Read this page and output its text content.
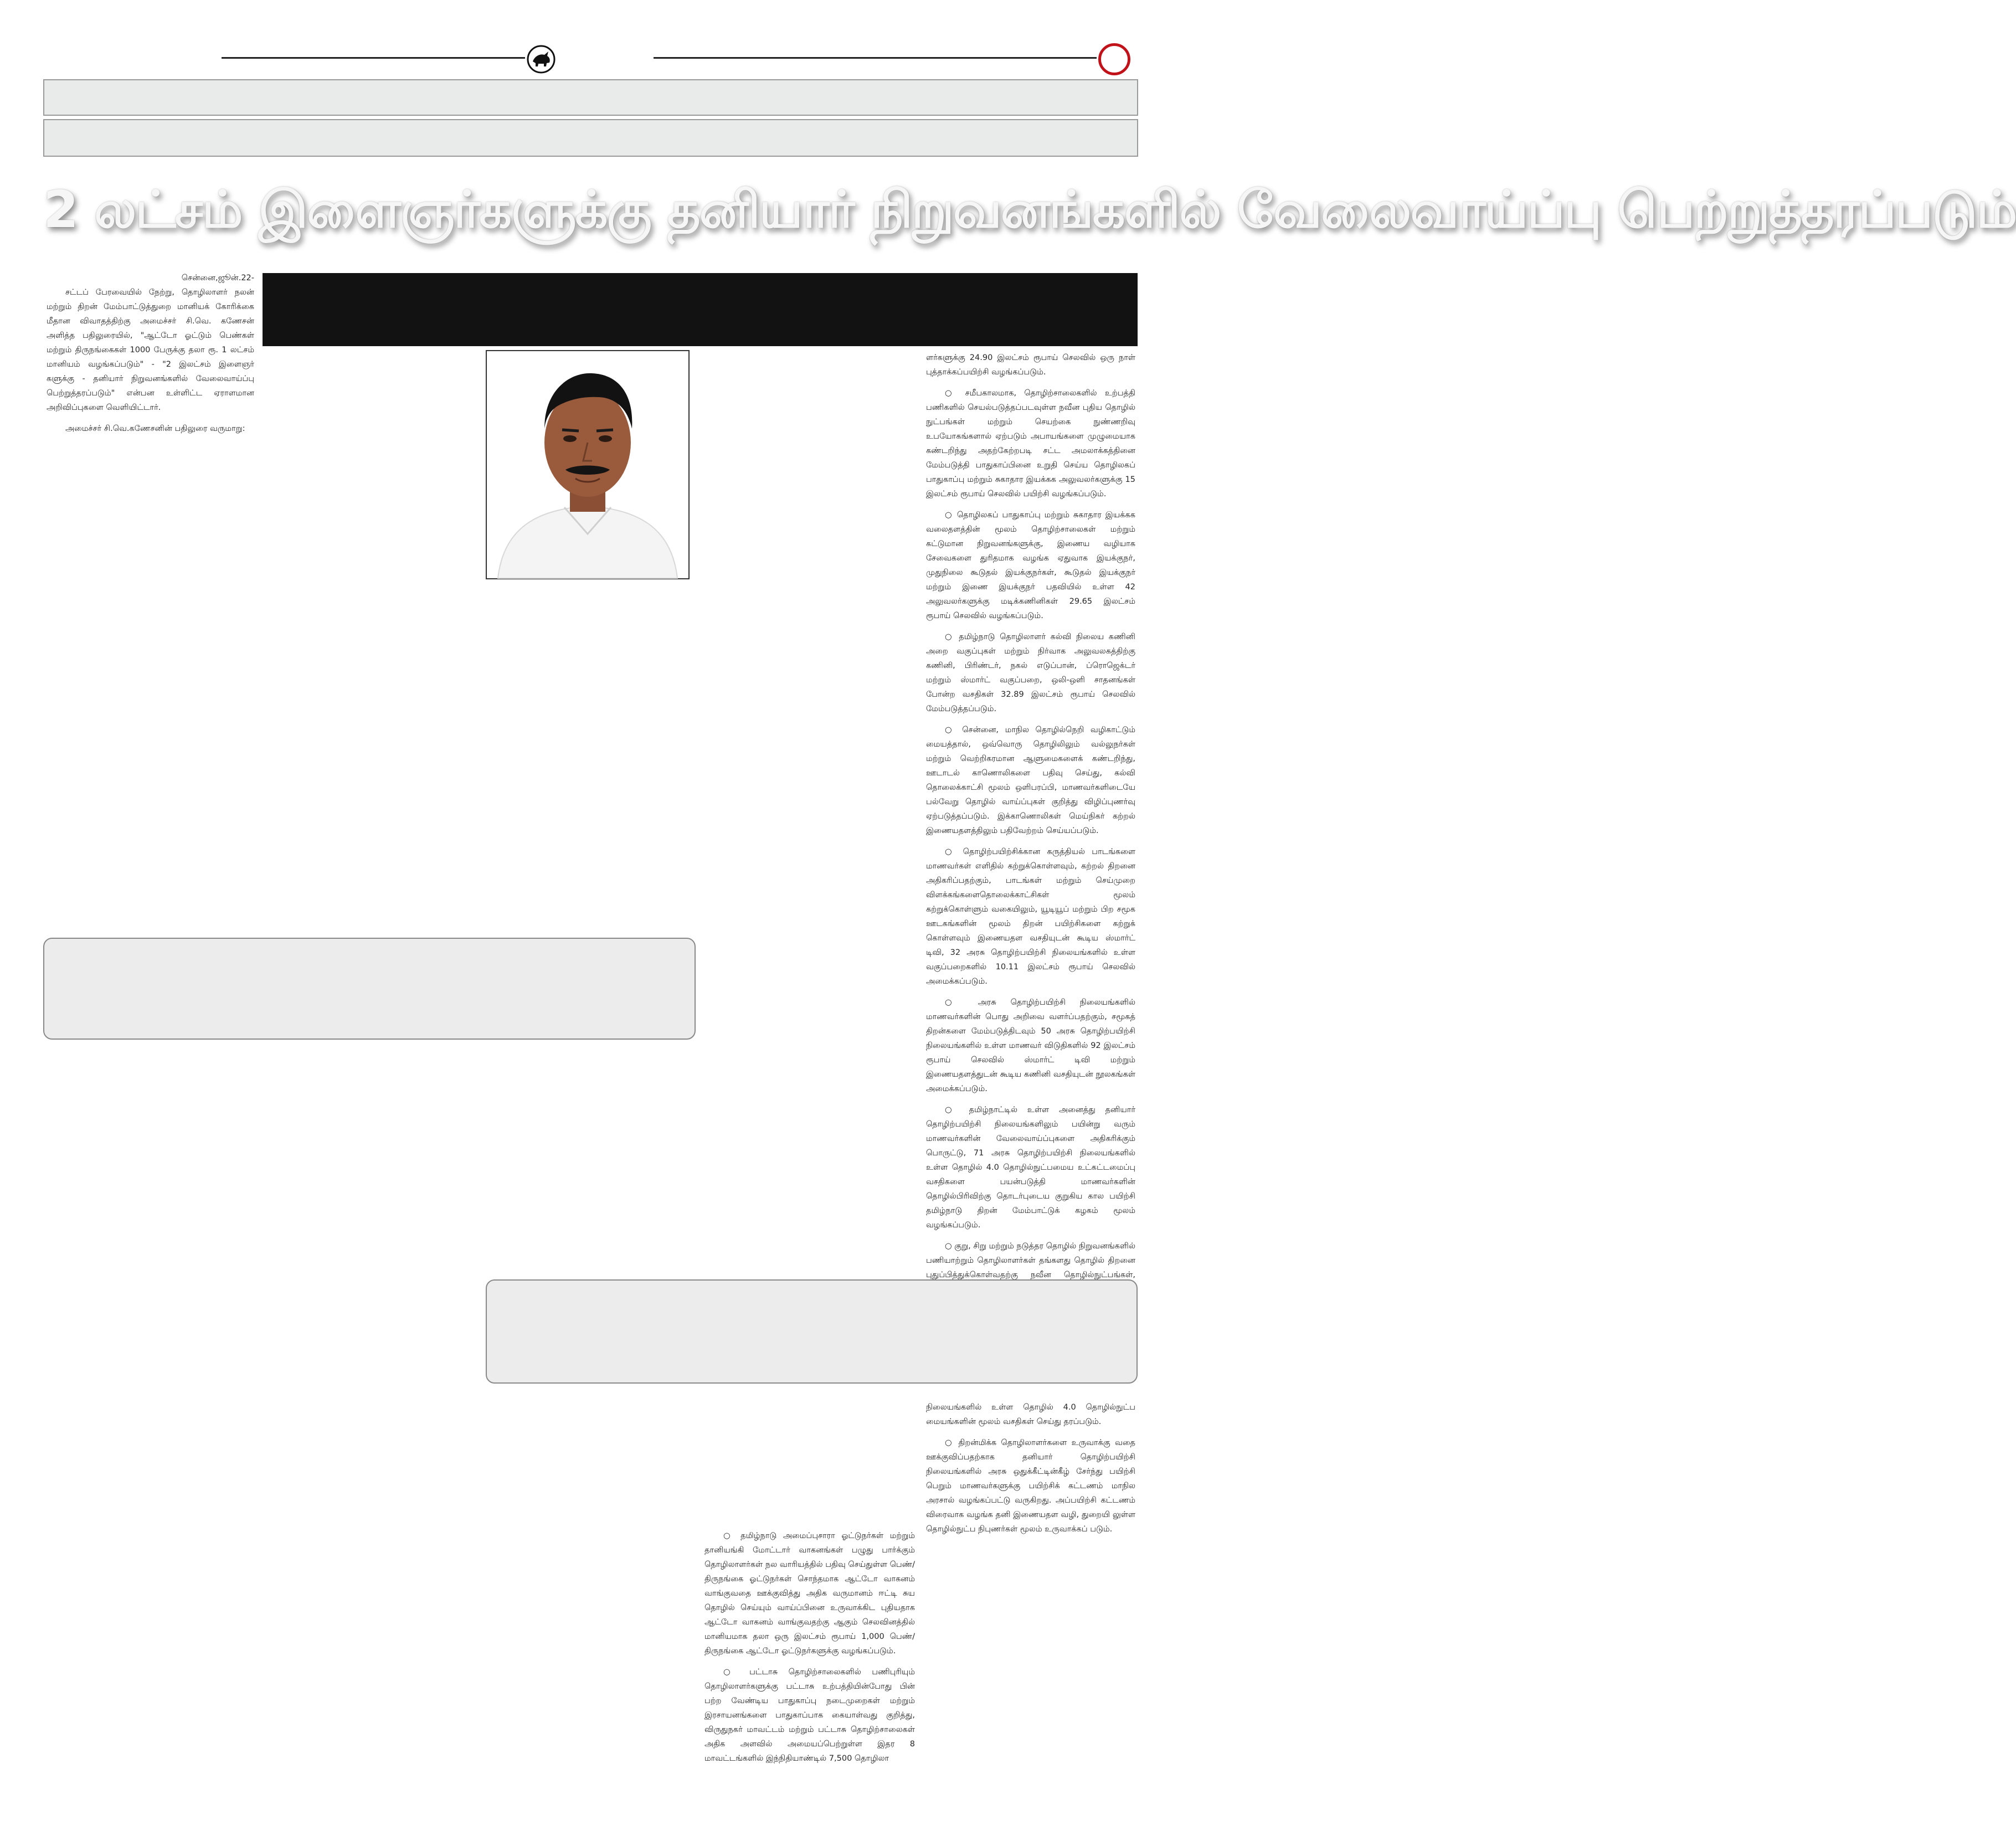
2 லட்சம் இளைஞர்களுக்கு தனியார் நிறுவனங்களில் வேலைவாய்ப்பு பெற்றுத்தரப்படும்

சென்னை,ஜூன்.22-

சட்டப் பேரவையில் நேற்று, தொழிலாளர் நலன் மற்றும் திறன் மேம்பாட்டுத்துறை மானியக் கோரிக்கை மீதான விவாதத்திற்கு அமைச்சர் சி.வெ. கணேசன் அளித்த பதிலுரையில், "ஆட்டோ ஓட்டும் பெண்கள் மற்றும் திருநங்கைகள் 1000 பேருக்கு தலா ரூ. 1 லட்சம் மானியம் வழங்கப்படும்" - "2 இலட்சம் இளைஞர் களுக்கு - தனியார் நிறுவனங்களில் வேலைவாய்ப்பு பெற்றுத்தரப்படும்" என்பன உள்ளிட்ட ஏராளமான அறிவிப்புகளை வெளியிட்டார்.

அமைச்சர் சி.வெ.கணேசனின் பதிலுரை வருமாறு:

ளர்களுக்கு 24.90 இலட்சம் ரூபாய் செலவில் ஒரு நாள் புத்தாக்கப்பயிற்சி வழங்கப்படும்.

○ சமீபகாலமாக, தொழிற்சாலைகளில் உற்பத்தி பணிகளில் செயல்படுத்தப்படவுள்ள நவீன புதிய தொழில் நுட்பங்கள் மற்றும் செயற்கை நுண்ணறிவு உபயோகங்களால் ஏற்படும் அபாயங்களை முழுமையாக கண்டறிந்து அதற்கேற்றபடி சட்ட அமலாக்கத்தினை மேம்படுத்தி பாதுகாப்பினை உறுதி செய்ய தொழிலகப் பாதுகாப்பு மற்றும் சுகாதார இயக்கக அலுவலர்களுக்கு 15 இலட்சம் ரூபாய் செலவில் பயிற்சி வழங்கப்படும்.

○ தொழிலகப் பாதுகாப்பு மற்றும் சுகாதார இயக்கக வலைதளத்தின் மூலம் தொழிற்சாலைகள் மற்றும் கட்டுமான நிறுவனங்களுக்கு, இணைய வழியாக சேவைகளை துரிதமாக வழங்க ஏதுவாக இயக்குநர், முதுநிலை கூடுதல் இயக்குநர்கள், கூடுதல் இயக்குநர் மற்றும் இணை இயக்குநர் பதவியில் உள்ள 42 அலுவலர்களுக்கு மடிக்கணினிகள் 29.65 இலட்சம் ரூபாய் செலவில் வழங்கப்படும்.

○ தமிழ்நாடு தொழிலாளர் கல்வி நிலைய கணினி அறை வகுப்புகள் மற்றும் நிர்வாக அலுவலகத்திற்கு கணினி, பிரிண்டர், நகல் எடுப்பான், ப்ரொஜெக்டர் மற்றும் ஸ்மார்ட் வகுப்பறை, ஒலி-ஒளி சாதனங்கள் போன்ற வசதிகள் 32.89 இலட்சம் ரூபாய் செலவில் மேம்படுத்தப்படும்.

○ சென்னை, மாநில தொழில்நெறி வழிகாட்டும் மையத்தால், ஒவ்வொரு தொழிலிலும் வல்லுநர்கள் மற்றும் வெற்றிகரமான ஆளுமைகளைக் கண்டறிந்து, ஊடாடல் காணொலிகளை பதிவு செய்து, கல்வி தொலைக்காட்சி மூலம் ஒளிபரப்பி, மாணவர்களிடையே பல்வேறு தொழில் வாய்ப்புகள் குறித்து விழிப்புணர்வு ஏற்படுத்தப்படும். இக்காணொலிகள் மெய்நிகர் கற்றல் இணையதளத்திலும் பதிவேற்றம் செய்யப்படும்.

○ தொழிற்பயிற்சிக்கான கருத்தியல் பாடங்களை மாணவர்கள் எளிதில் கற்றுக்கொள்ளவும், கற்றல் திறனை அதிகரிப்பதற்கும், பாடங்கள் மற்றும் செய்முறை விளக்கங்களைதொலைக்காட்சிகள் மூலம் கற்றுக்கொள்ளும் வகையிலும், யூடியூப் மற்றும் பிற சமூக ஊடகங்களின் மூலம் திறன் பயிற்சிகளை கற்றுக் கொள்ளவும் இணையதள வசதியுடன் கூடிய ஸ்மார்ட் டிவி, 32 அரசு தொழிற்பயிற்சி நிலையங்களில் உள்ள வகுப்பறைகளில் 10.11 இலட்சம் ரூபாய் செலவில் அமைக்கப்படும்.

○ அரசு தொழிற்பயிற்சி நிலையங்களில் மாணவர்களின் பொது அறிவை வளர்ப்பதற்கும், சமூகத் திறன்களை மேம்படுத்திடவும் 50 அரசு தொழிற்பயிற்சி நிலையங்களில் உள்ள மாணவர் விடுதிகளில் 92 இலட்சம் ரூபாய் செலவில் ஸ்மார்ட் டிவி மற்றும் இணையதளத்துடன் கூடிய கணினி வசதியுடன் நூலகங்கள் அமைக்கப்படும்.

○ தமிழ்நாட்டில் உள்ள அனைத்து தனியார் தொழிற்பயிற்சி நிலையங்களிலும் பயின்று வரும் மாணவர்களின் வேலைவாய்ப்புகளை அதிகரிக்கும் பொருட்டு, 71 அரசு தொழிற்பயிற்சி நிலையங்களில் உள்ள தொழில் 4.0 தொழில்நுட்பமைய உட்கட்டமைப்பு வசதிகளை பயன்படுத்தி மாணவர்களின் தொழில்பிரிவிற்கு தொடர்புடைய குறுகிய கால பயிற்சி தமிழ்நாடு திறன் மேம்பாட்டுக் கழகம் மூலம் வழங்கப்படும்.

○ குறு, சிறு மற்றும் நடுத்தர தொழில் நிறுவனங்களில் பணியாற்றும் தொழிலாளர்கள் தங்களது தொழில் திறனை புதுப்பித்துக்கொள்வதற்கு நவீன தொழில்நுட்பங்கள்,

நிலையங்களில் உள்ள தொழில் 4.0 தொழில்நுட்ப மையங்களின் மூலம் வசதிகள் செய்து தரப்படும்.

○ திறன்மிக்க தொழிலாளர்களை உருவாக்கு வதை ஊக்குவிப்பதற்காக தனியார் தொழிற்பயிற்சி நிலையங்களில் அரசு ஒதுக்கீட்டின்கீழ் சேர்ந்து பயிற்சி பெறும் மாணவர்களுக்கு பயிற்சிக் கட்டணம் மாநில அரசால் வழங்கப்பட்டு வருகிறது. அப்பயிற்சி கட்டணம் விரைவாக வழங்க தனி இணையதள வழி, துறையி லுள்ள தொழில்நுட்ப நிபுணர்கள் மூலம் உருவாக்கப் படும்.

○ தமிழ்நாடு அமைப்புசாரா ஓட்டுநர்கள் மற்றும் தானியங்கி மோட்டார் வாகனங்கள் பழுது பார்க்கும் தொழிலாளர்கள் நல வாரியத்தில் பதிவு செய்துள்ள பெண்/திருநங்கை ஓட்டுநர்கள் சொந்தமாக ஆட்டோ வாகனம் வாங்குவதை ஊக்குவித்து அதிக வருமானம் ஈட்டி சுய தொழில் செய்யும் வாய்ப்பினை உருவாக்கிட புதியதாக ஆட்டோ வாகனம் வாங்குவதற்கு ஆகும் செலவினத்தில் மானியமாக தலா ஒரு இலட்சம் ரூபாய் 1,000 பெண்/திருநங்கை ஆட்டோ ஓட்டுநர்களுக்கு வழங்கப்படும்.

○ பட்டாசு தொழிற்சாலைகளில் பணிபுரியும் தொழிலாளர்களுக்கு பட்டாசு உற்பத்தியின்போது பின் பற்ற வேண்டிய பாதுகாப்பு நடைமுறைகள் மற்றும் இரசாயனங்களை பாதுகாப்பாக கையாள்வது குறித்து, விருதுநகர் மாவட்டம் மற்றும் பட்டாசு தொழிற்சாலைகள் அதிக அளவில் அமையப்பெற்றுள்ள இதர 8 மாவட்டங்களில் இந்நிதியாண்டில் 7,500 தொழிலா
